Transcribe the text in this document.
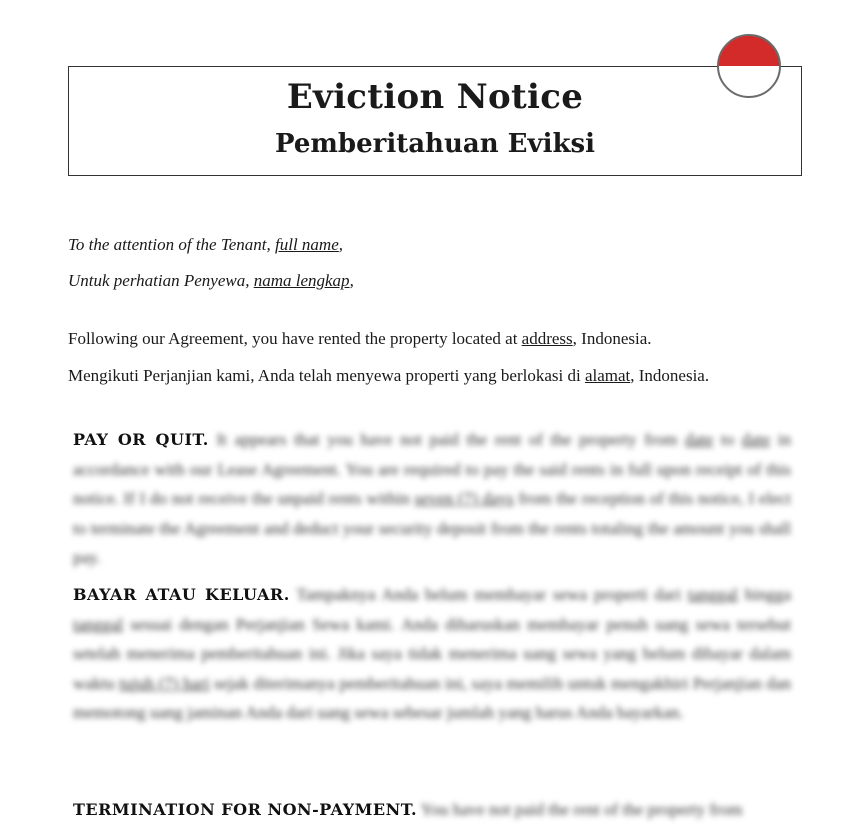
Eviction Notice
Pemberitahuan Eviksi
To the attention of the Tenant, full name,
Untuk perhatian Penyewa, nama lengkap,
Following our Agreement, you have rented the property located at address, Indonesia.
Mengikuti Perjanjian kami, Anda telah menyewa properti yang berlokasi di alamat, Indonesia.
PAY OR QUIT. It appears that you have not paid the rent of the property from date to date in accordance with our Lease Agreement. You are required to pay the said rents in full upon receipt of this notice. If I do not receive the unpaid rents within seven (7) days from the reception of this notice, I elect to terminate the Agreement and deduct your security deposit from the rents totaling the amount you shall pay.
BAYAR ATAU KELUAR. Tampaknya Anda belum membayar sewa properti dari tanggal hingga tanggal sesuai dengan Perjanjian Sewa kami. Anda diharuskan membayar penuh uang sewa tersebut setelah menerima pemberitahuan ini. Jika saya tidak menerima uang sewa yang belum dibayar dalam waktu tujuh (7) hari sejak diterimanya pemberitahuan ini, saya memilih untuk mengakhiri Perjanjian dan memotong uang jaminan Anda dari uang sewa sebesar jumlah yang harus Anda bayarkan.
TERMINATION FOR NON-PAYMENT. You have not paid the rent of the property from
